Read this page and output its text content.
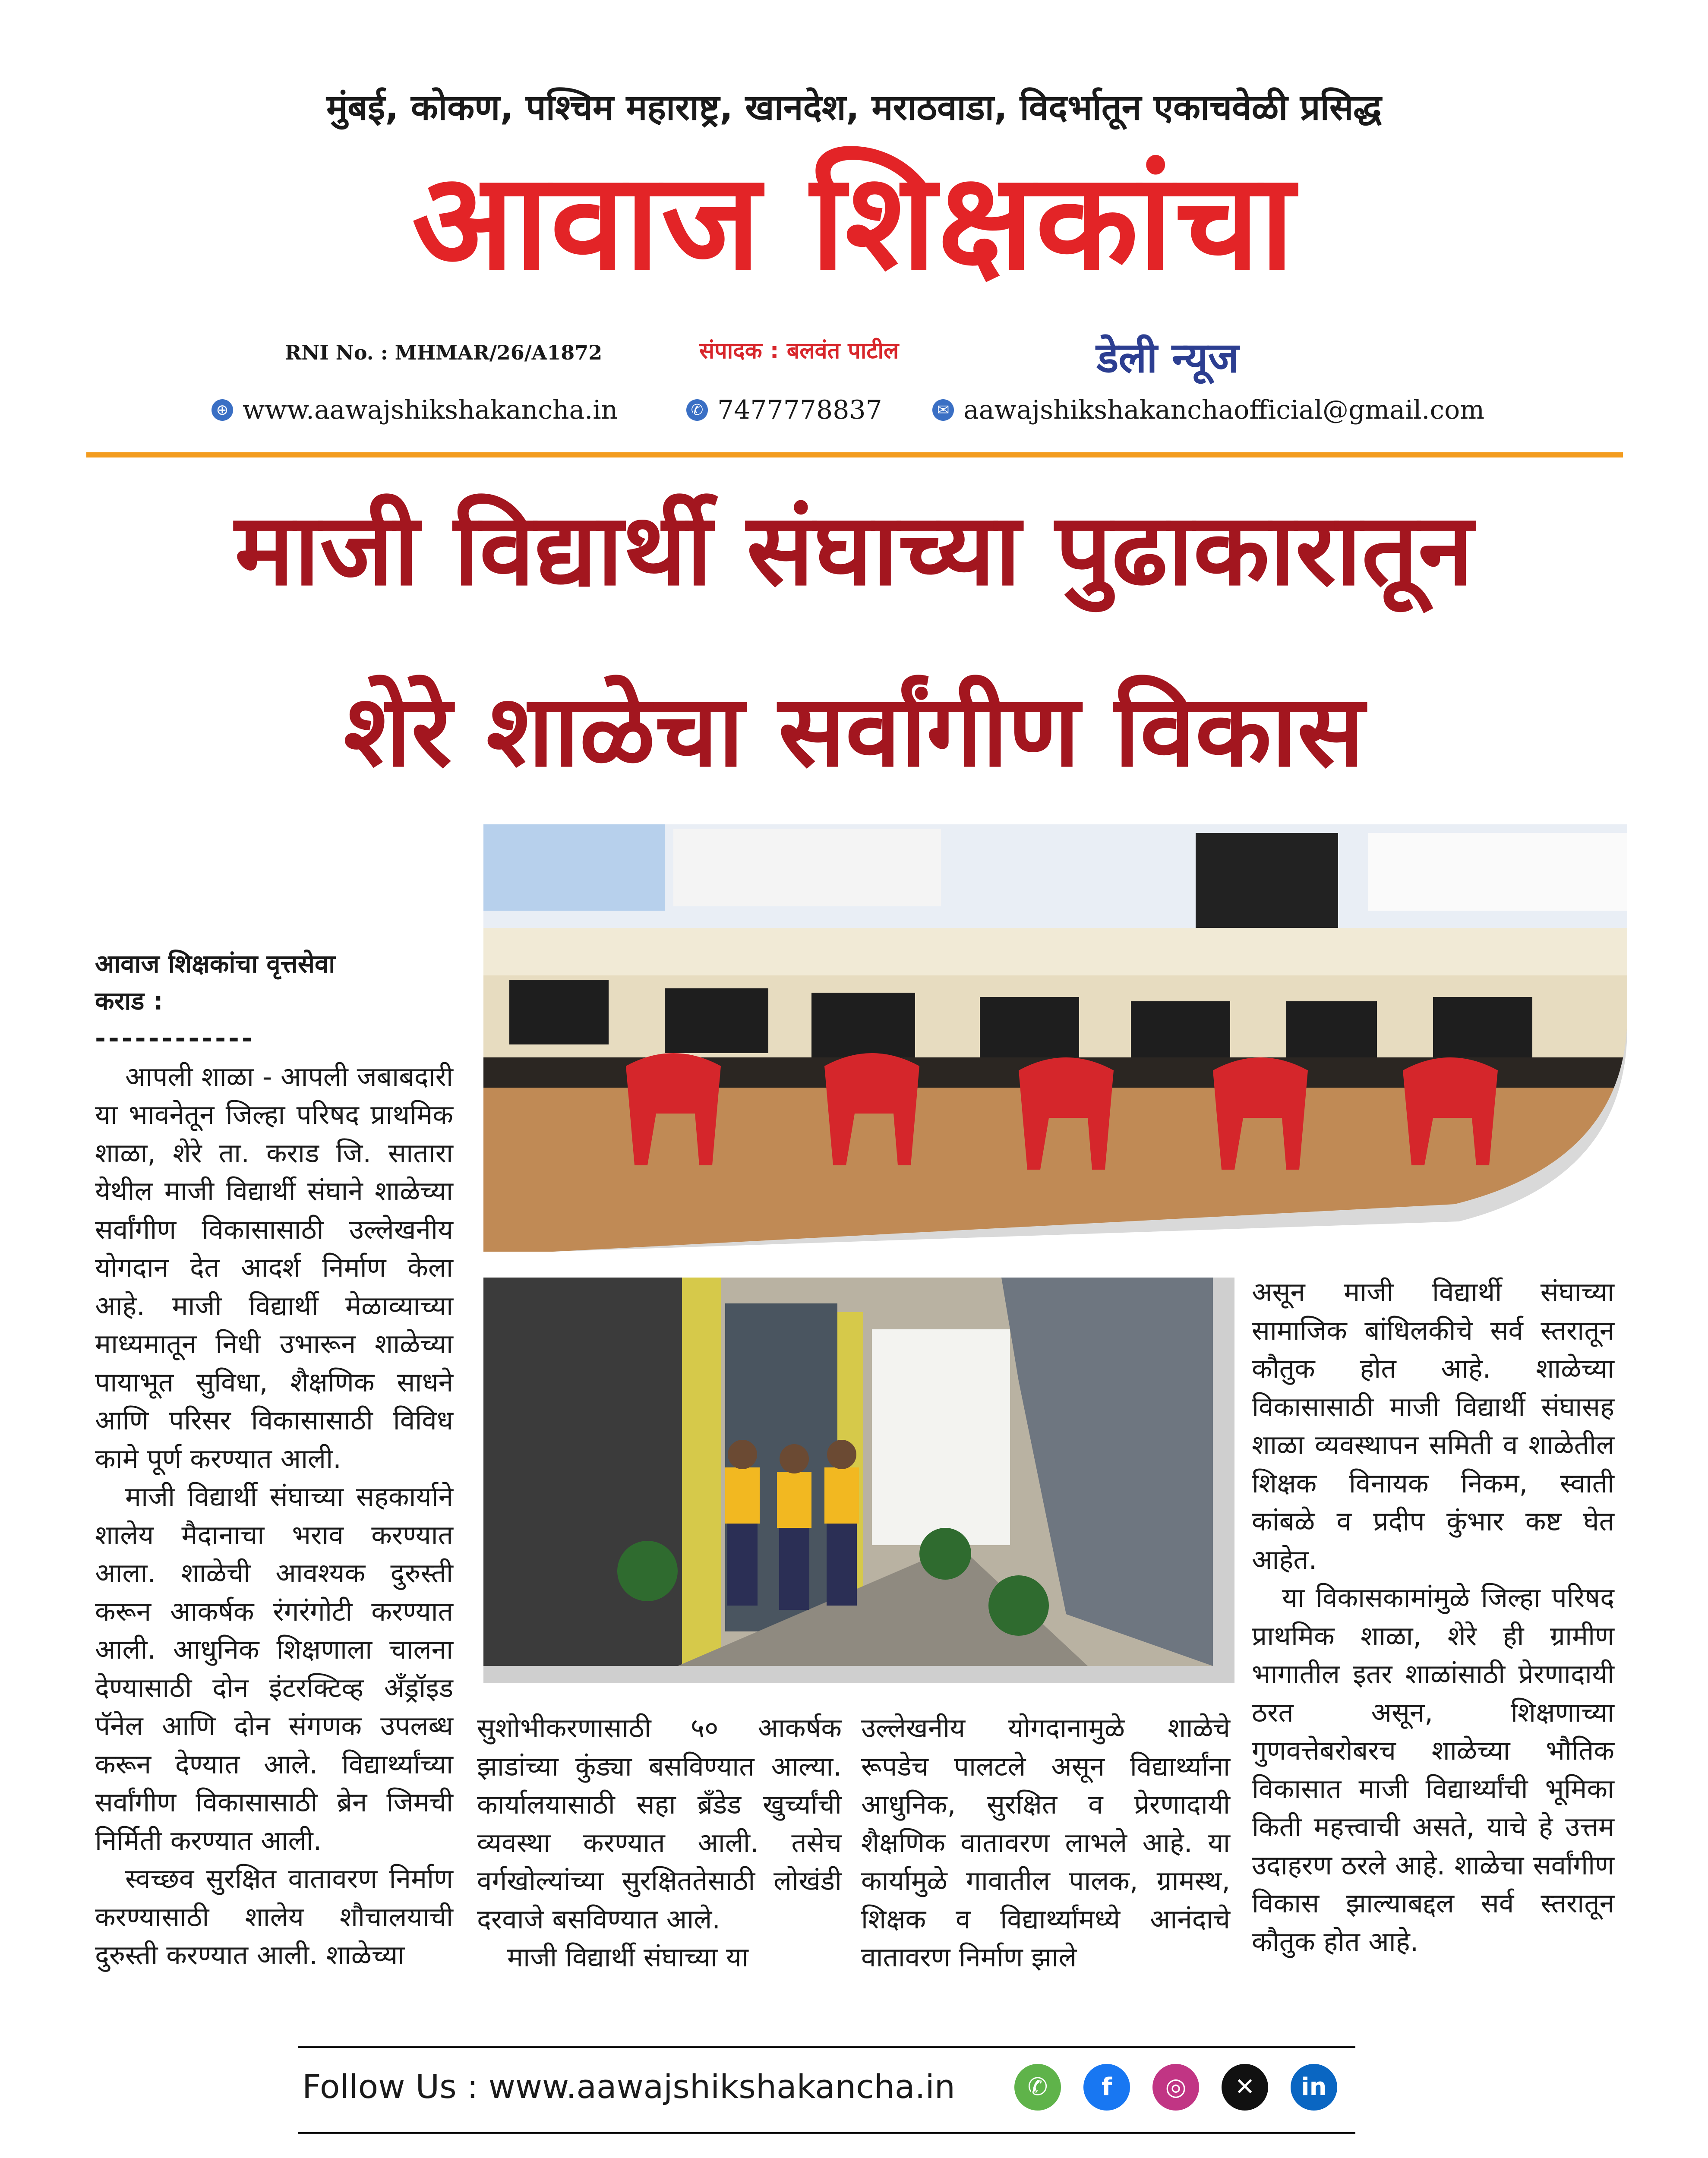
मुंबई, कोकण, पश्चिम महाराष्ट्र, खानदेश, मराठवाडा, विदर्भातून एकाचवेळी प्रसिद्ध
आवाज शिक्षकांचा
RNI No. : MHMAR/26/A1872	संपादक : बलवंत पाटील	डेली न्यूज
⊕ www.aawajshikshakancha.in	✆ 7477778837	✉ aawajshikshakanchaofficial@gmail.com
माजी विद्यार्थी संघाच्या पुढाकारातून
शेरे शाळेचा सर्वांगीण विकास
आवाज शिक्षकांचा वृत्तसेवा
कराड :
------------

आपली शाळा - आपली जबाबदारी या भावनेतून जिल्हा परिषद प्राथमिक शाळा, शेरे ता. कराड जि. सातारा येथील माजी विद्यार्थी संघाने शाळेच्या सर्वांगीण विकासासाठी उल्लेखनीय योगदान देत आदर्श निर्माण केला आहे. माजी विद्यार्थी मेळाव्याच्या माध्यमातून निधी उभारून शाळेच्या पायाभूत सुविधा, शैक्षणिक साधने आणि परिसर विकासासाठी विविध कामे पूर्ण करण्यात आली.

माजी विद्यार्थी संघाच्या सहकार्याने शालेय मैदानाचा भराव करण्यात आला. शाळेची आवश्यक दुरुस्ती करून आकर्षक रंगरंगोटी करण्यात आली. आधुनिक शिक्षणाला चालना देण्यासाठी दोन इंटरक्टिव्ह अँड्रॉइड पॅनेल आणि दोन संगणक उपलब्ध करून देण्यात आले. विद्यार्थ्यांच्या सर्वांगीण विकासासाठी ब्रेन जिमची निर्मिती करण्यात आली.

स्वच्छव सुरक्षित वातावरण निर्माण करण्यासाठी शालेय शौचालयाची दुरुस्ती करण्यात आली. शाळेच्या

सुशोभीकरणासाठी ५० आकर्षक झाडांच्या कुंड्या बसविण्यात आल्या. कार्यालयासाठी सहा ब्रँडेड खुर्च्यांची व्यवस्था करण्यात आली. तसेच वर्गखोल्यांच्या सुरक्षिततेसाठी लोखंडी दरवाजे बसविण्यात आले.

माजी विद्यार्थी संघाच्या या

उल्लेखनीय योगदानामुळे शाळेचे रूपडेच पालटले असून विद्यार्थ्यांना आधुनिक, सुरक्षित व प्रेरणादायी शैक्षणिक वातावरण लाभले आहे. या कार्यामुळे गावातील पालक, ग्रामस्थ, शिक्षक व विद्यार्थ्यांमध्ये आनंदाचे वातावरण निर्माण झाले

असून माजी विद्यार्थी संघाच्या सामाजिक बांधिलकीचे सर्व स्तरातून कौतुक होत आहे. शाळेच्या विकासासाठी माजी विद्यार्थी संघासह शाळा व्यवस्थापन समिती व शाळेतील शिक्षक विनायक निकम, स्वाती कांबळे व प्रदीप कुंभार कष्ट घेत आहेत.

या विकासकामांमुळे जिल्हा परिषद प्राथमिक शाळा, शेरे ही ग्रामीण भागातील इतर शाळांसाठी प्रेरणादायी ठरत असून, शिक्षणाच्या गुणवत्तेबरोबरच शाळेच्या भौतिक विकासात माजी विद्यार्थ्यांची भूमिका किती महत्त्वाची असते, याचे हे उत्तम उदाहरण ठरले आहे. शाळेचा सर्वांगीण विकास झाल्याबद्दल सर्व स्तरातून कौतुक होत आहे.

Follow Us : www.aawajshikshakancha.in	✆	f	◎	✕	in
